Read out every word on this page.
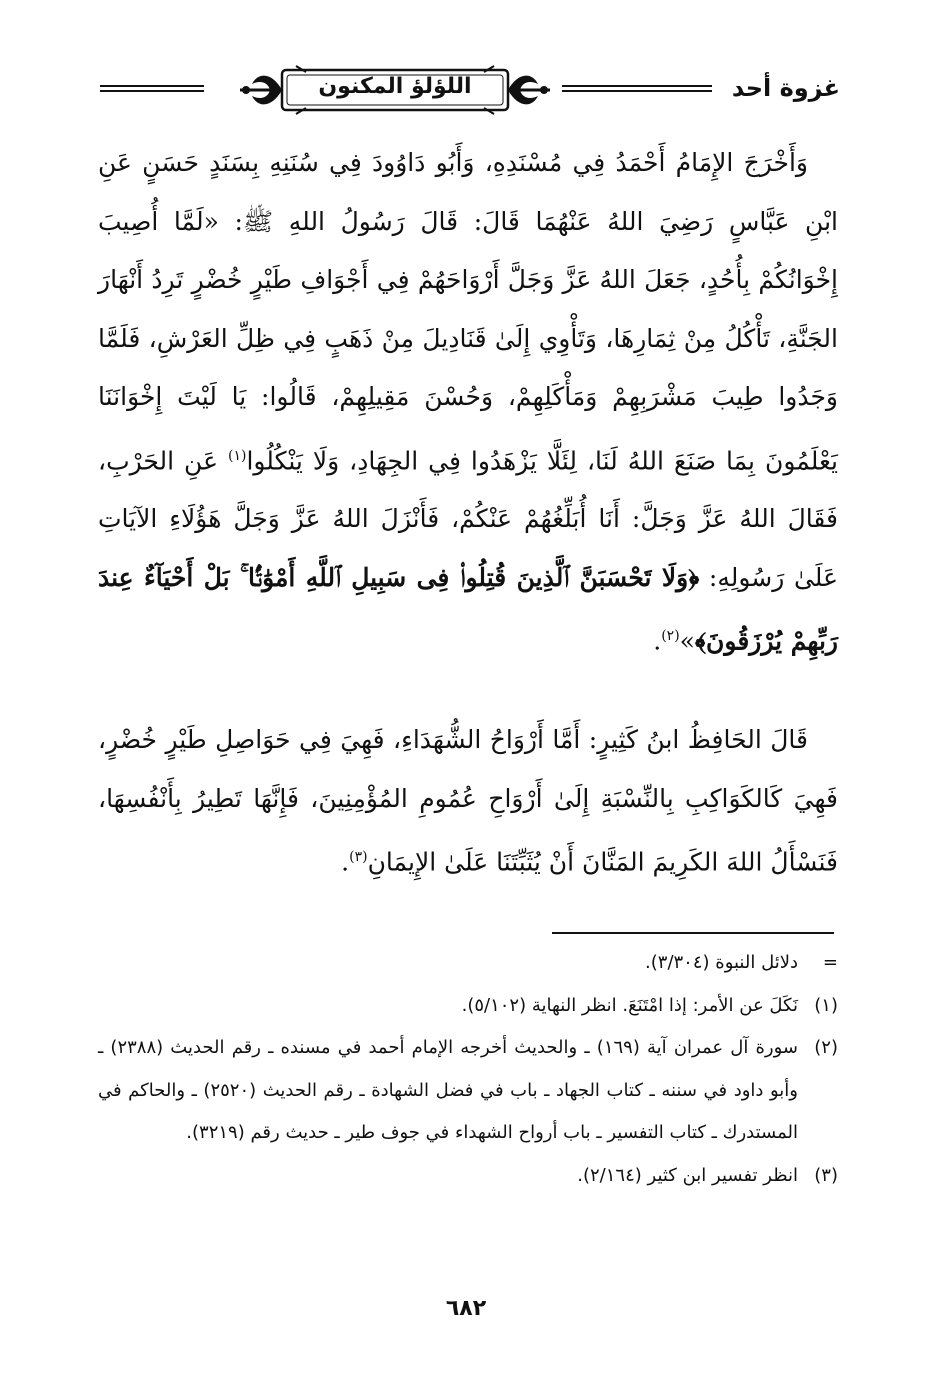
غزوة أحد
اللؤلؤ المكنون

وَأَخْرَجَ الإِمَامُ أَحْمَدُ فِي مُسْنَدِهِ، وَأَبُو دَاوُودَ فِي سُنَنِهِ بِسَنَدٍ حَسَنٍ عَنِ ابْنِ عَبَّاسٍ رَضِيَ اللهُ عَنْهُمَا قَالَ: قَالَ رَسُولُ اللهِ ﷺ: «لَمَّا أُصِيبَ إِخْوَانُكُمْ بِأُحُدٍ، جَعَلَ اللهُ عَزَّ وَجَلَّ أَرْوَاحَهُمْ فِي أَجْوَافِ طَيْرٍ خُضْرٍ تَرِدُ أَنْهَارَ الجَنَّةِ، تَأْكُلُ مِنْ ثِمَارِهَا، وَتَأْوِي إِلَىٰ قَنَادِيلَ مِنْ ذَهَبٍ فِي ظِلِّ العَرْشِ، فَلَمَّا وَجَدُوا طِيبَ مَشْرَبِهِمْ وَمَأْكَلِهِمْ، وَحُسْنَ مَقِيلِهِمْ، قَالُوا: يَا لَيْتَ إِخْوَانَنَا يَعْلَمُونَ بِمَا صَنَعَ اللهُ لَنَا، لِئَلَّا يَزْهَدُوا فِي الجِهَادِ، وَلَا يَنْكُلُوا$^{(١)}$ عَنِ الحَرْبِ، فَقَالَ اللهُ عَزَّ وَجَلَّ: أَنَا أُبَلِّغُهُمْ عَنْكُمْ، فَأَنْزَلَ اللهُ عَزَّ وَجَلَّ هَؤُلَاءِ الآيَاتِ عَلَىٰ رَسُولِهِ: ﴿وَلَا تَحْسَبَنَّ ٱلَّذِينَ قُتِلُوا۟ فِى سَبِيلِ ٱللَّهِ أَمْوَٰتًۢا ۚ بَلْ أَحْيَآءٌ عِندَ رَبِّهِمْ يُرْزَقُونَ﴾»$^{(٢)}$.

قَالَ الحَافِظُ ابنُ كَثِيرٍ: أَمَّا أَرْوَاحُ الشُّهَدَاءِ، فَهِيَ فِي حَوَاصِلِ طَيْرٍ خُضْرٍ، فَهِيَ كَالكَوَاكِبِ بِالنِّسْبَةِ إِلَىٰ أَرْوَاحِ عُمُومِ المُؤْمِنِينَ، فَإِنَّهَا تَطِيرُ بِأَنْفُسِهَا، فَنَسْأَلُ اللهَ الكَرِيمَ المَنَّانَ أَنْ يُثَبِّتَنَا عَلَىٰ الإِيمَانِ$^{(٣)}$.

=
دلائل النبوة (٣/٣٠٤).
(١)
نَكَلَ عن الأمر: إذا امْتَنَعَ. انظر النهاية (٥/١٠٢).
(٢)
سورة آل عمران آية (١٦٩) ـ والحديث أخرجه الإمام أحمد في مسنده ـ رقم الحديث (٢٣٨٨) ـ وأبو داود في سننه ـ كتاب الجهاد ـ باب في فضل الشهادة ـ رقم الحديث (٢٥٢٠) ـ والحاكم في المستدرك ـ كتاب التفسير ـ باب أرواح الشهداء في جوف طير ـ حديث رقم (٣٢١٩).
(٣)
انظر تفسير ابن كثير (٢/١٦٤).
٦٨٢
